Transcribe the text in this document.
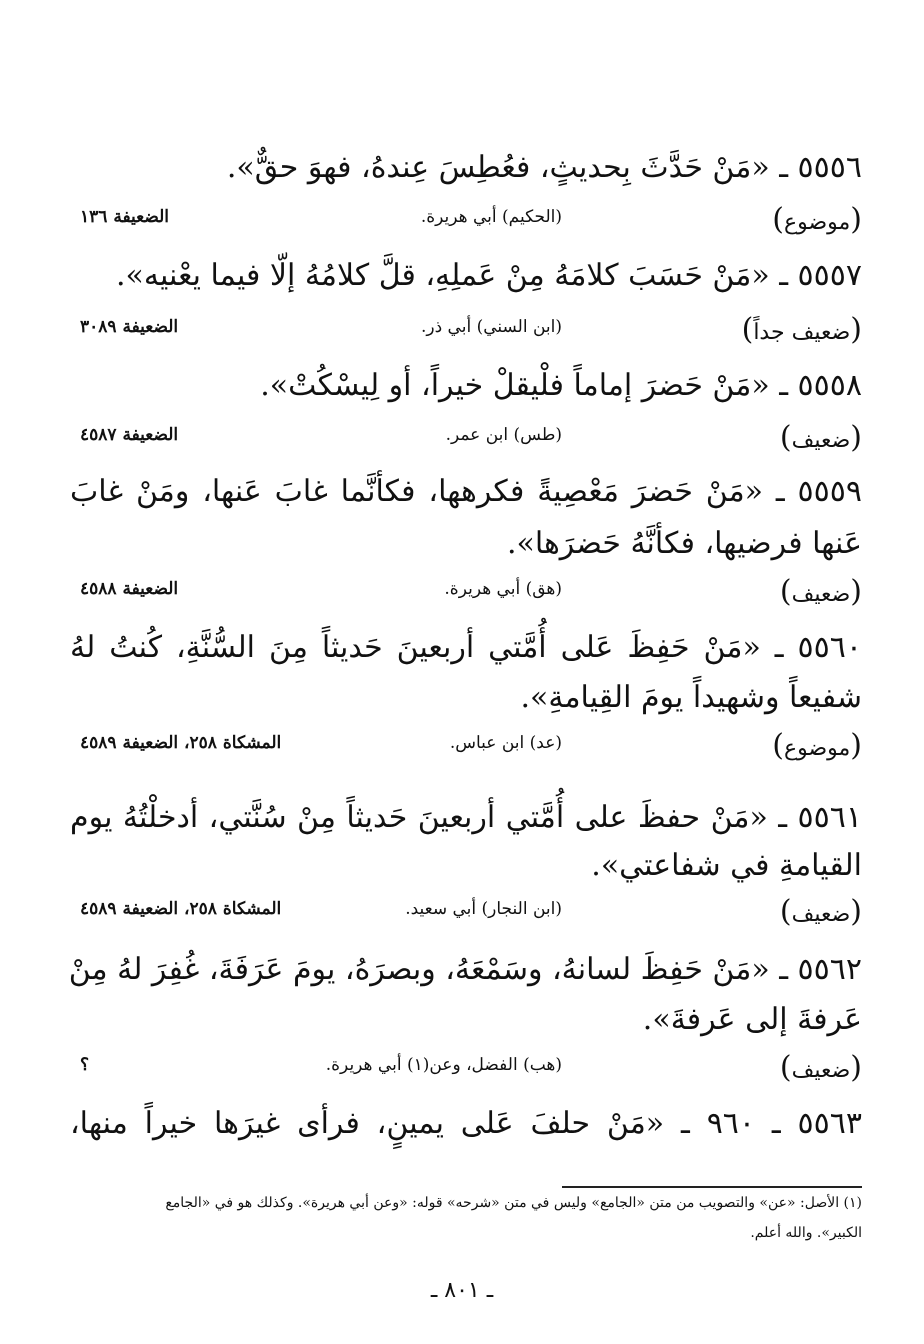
٥٥٥٦ ـ «مَنْ حَدَّثَ بِحديثٍ، فعُطِسَ عِندهُ، فهوَ حقٌّ».
(موضوع)
(الحكيم) أبي هريرة.
الضعيفة ١٣٦
٥٥٥٧ ـ «مَنْ حَسَبَ كلامَهُ مِنْ عَملِهِ، قلَّ كلامُهُ إلّا فيما يعْنيه».
(ضعيف جداً)
(ابن السني) أبي ذر.
الضعيفة ٣٠٨٩
٥٥٥٨ ـ «مَنْ حَضرَ إماماً فلْيقلْ خيراً، أو لِيسْكُتْ».
(ضعيف)
(طس) ابن عمر.
الضعيفة ٤٥٨٧
٥٥٥٩ ـ «مَنْ حَضرَ مَعْصِيةً فكرهها، فكأنَّما غابَ عَنها، ومَنْ غابَ
عَنها فرضيها، فكأنَّهُ حَضرَها».
(ضعيف)
(هق) أبي هريرة.
الضعيفة ٤٥٨٨
٥٥٦٠ ـ «مَنْ حَفِظَ عَلى أُمَّتي أربعينَ حَديثاً مِنَ السُّنَّةِ، كُنتُ لهُ
شفيعاً وشهيداً يومَ القِيامةِ».
(موضوع)
(عد) ابن عباس.
المشكاة ٢٥٨، الضعيفة ٤٥٨٩
٥٥٦١ ـ «مَنْ حفظَ على أُمَّتي أربعينَ حَديثاً مِنْ سُنَّتي، أدخلْتُهُ يوم
القيامةِ في شفاعتي».
(ضعيف)
(ابن النجار) أبي سعيد.
المشكاة ٢٥٨، الضعيفة ٤٥٨٩
٥٥٦٢ ـ «مَنْ حَفِظَ لسانهُ، وسَمْعَهُ، وبصرَهُ، يومَ عَرَفَةَ، غُفِرَ لهُ مِنْ
عَرفةَ إلى عَرفةَ».
(ضعيف)
(هب) الفضل، وعن(١) أبي هريرة.
؟
٥٥٦٣ ـ ٩٦٠ ـ «مَنْ حلفَ عَلى يمينٍ، فرأى غيرَها خيراً منها،
(١) الأصل: «عن» والتصويب من متن «الجامع» وليس في متن «شرحه» قوله: «وعن أبي هريرة». وكذلك هو في «الجامع
الكبير». والله أعلم.
ـ ٨٠١ ـ
